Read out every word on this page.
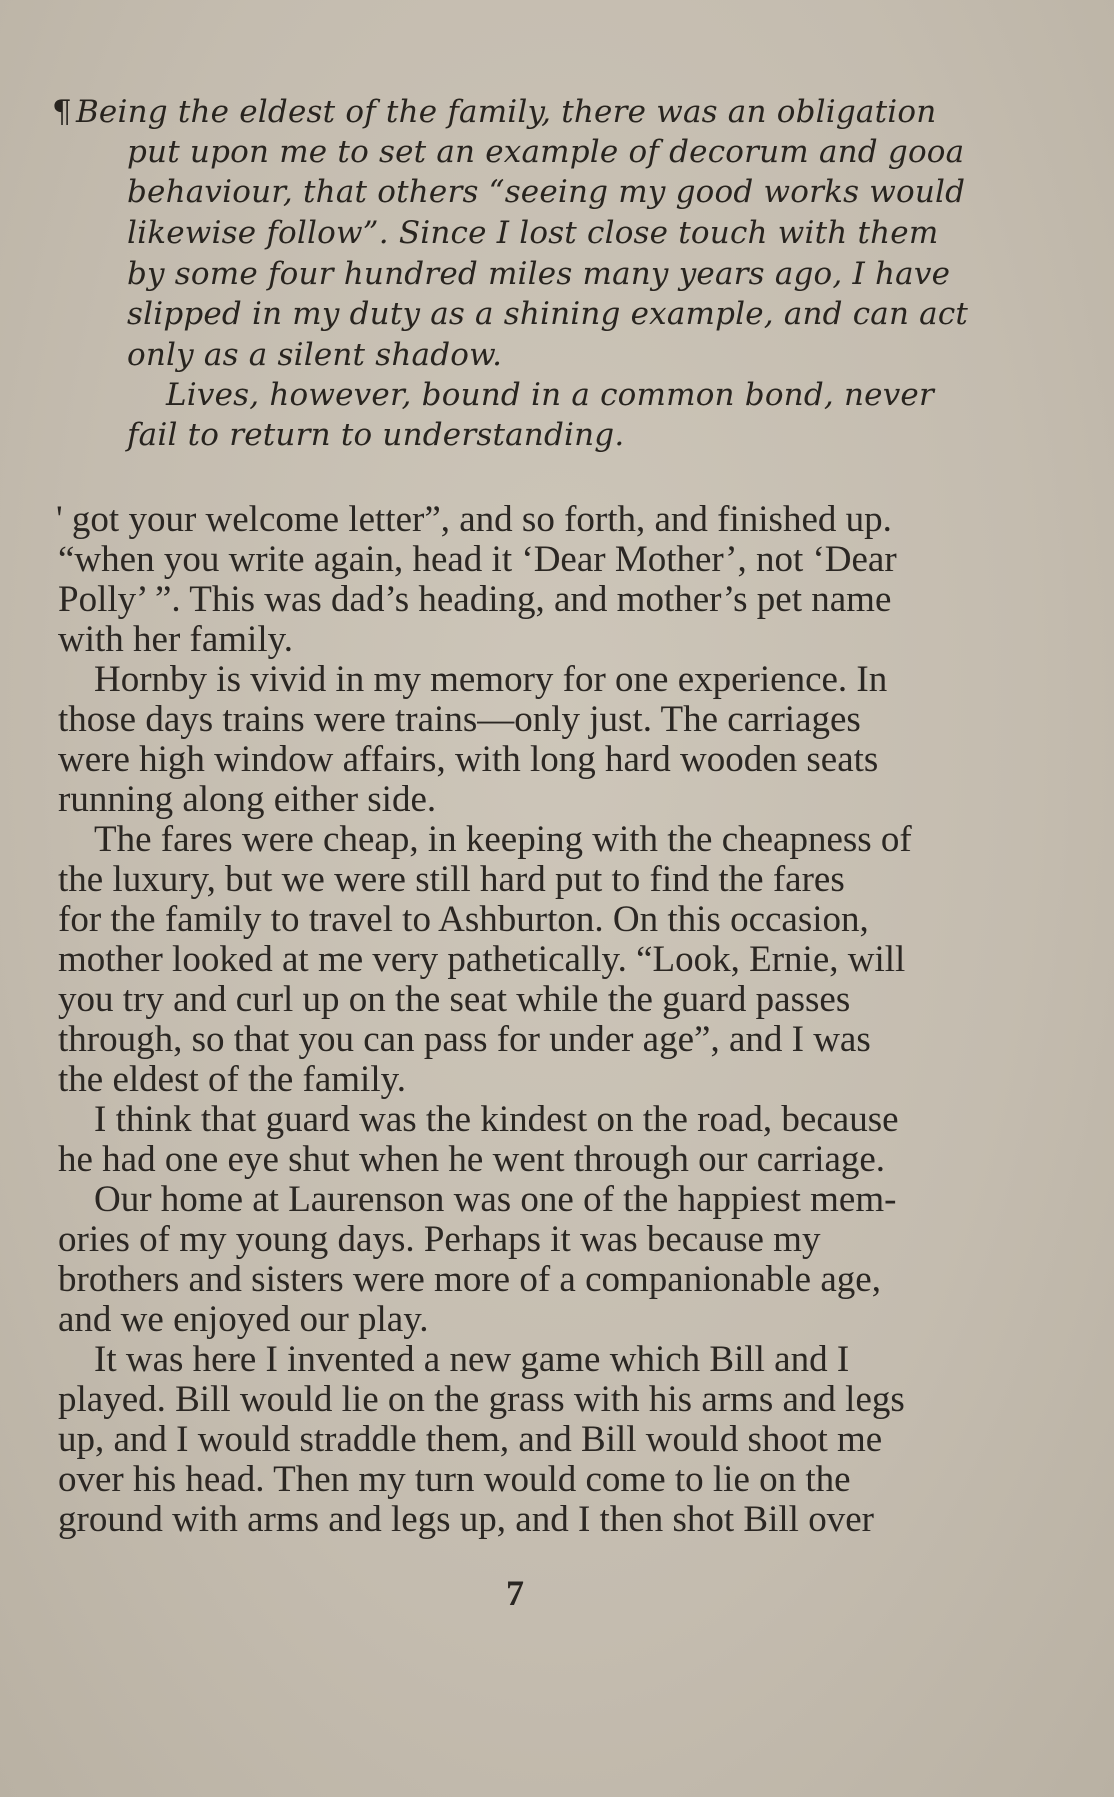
¶ Being the eldest of the family, there was an obligation
put upon me to set an example of decorum and gooa
behaviour, that others “seeing my good works would
likewise follow”. Since I lost close touch with them
by some four hundred miles many years ago, I have
slipped in my duty as a shining example, and can act
only as a silent shadow.
Lives, however, bound in a common bond, never
fail to return to understanding.
' got your welcome letter”, and so forth, and finished up.
“when you write again, head it ‘Dear Mother’, not ‘Dear
Polly’ ”. This was dad’s heading, and mother’s pet name
with her family.
Hornby is vivid in my memory for one experience. In
those days trains were trains—only just. The carriages
were high window affairs, with long hard wooden seats
running along either side.
The fares were cheap, in keeping with the cheapness of
the luxury, but we were still hard put to find the fares
for the family to travel to Ashburton. On this occasion,
mother looked at me very pathetically. “Look, Ernie, will
you try and curl up on the seat while the guard passes
through, so that you can pass for under age”, and I was
the eldest of the family.
I think that guard was the kindest on the road, because
he had one eye shut when he went through our carriage.
Our home at Laurenson was one of the happiest mem-
ories of my young days. Perhaps it was because my
brothers and sisters were more of a companionable age,
and we enjoyed our play.
It was here I invented a new game which Bill and I
played. Bill would lie on the grass with his arms and legs
up, and I would straddle them, and Bill would shoot me
over his head. Then my turn would come to lie on the
ground with arms and legs up, and I then shot Bill over
7
